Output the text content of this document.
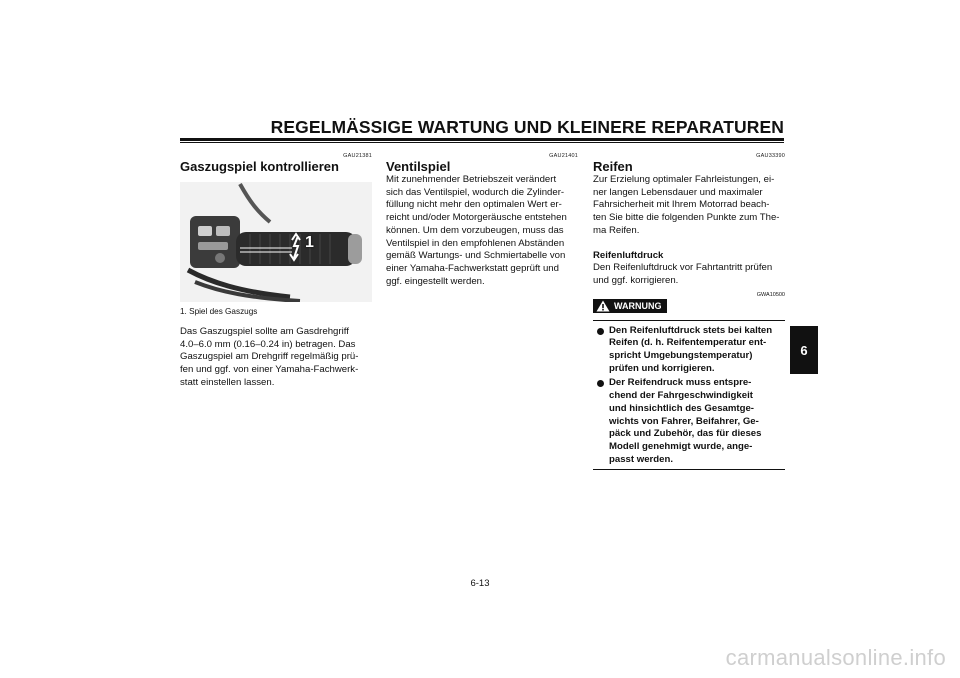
REGELMÄSSIGE WARTUNG UND KLEINERE REPARATUREN
GAU21381
Gaszugspiel kontrollieren
1
1. Spiel des Gaszugs

Das Gaszugspiel sollte am Gasdrehgriff
4.0–6.0 mm (0.16–0.24 in) betragen. Das
Gaszugspiel am Drehgriff regelmäßig prü-
fen und ggf. von einer Yamaha-Fachwerk-
statt einstellen lassen.

GAU21401
Ventilspiel

Mit zunehmender Betriebszeit verändert
sich das Ventilspiel, wodurch die Zylinder-
füllung nicht mehr den optimalen Wert er-
reicht und/oder Motorgeräusche entstehen
können. Um dem vorzubeugen, muss das
Ventilspiel in den empfohlenen Abständen
gemäß Wartungs- und Schmiertabelle von
einer Yamaha-Fachwerkstatt geprüft und
ggf. eingestellt werden.

GAU33390
Reifen

Zur Erzielung optimaler Fahrleistungen, ei-
ner langen Lebensdauer und maximaler
Fahrsicherheit mit Ihrem Motorrad beach-
ten Sie bitte die folgenden Punkte zum The-
ma Reifen.

Reifenluftdruck

Den Reifenluftdruck vor Fahrtantritt prüfen
und ggf. korrigieren.

GWA10500
WARNUNG
Den Reifenluftdruck stets bei kalten
Reifen (d. h. Reifentemperatur ent-
spricht Umgebungstemperatur)
prüfen und korrigieren.
Der Reifendruck muss entspre-
chend der Fahrgeschwindigkeit
und hinsichtlich des Gesamtge-
wichts von Fahrer, Beifahrer, Ge-
päck und Zubehör, das für dieses
Modell genehmigt wurde, ange-
passt werden.
6
6-13
carmanualsonline.info
